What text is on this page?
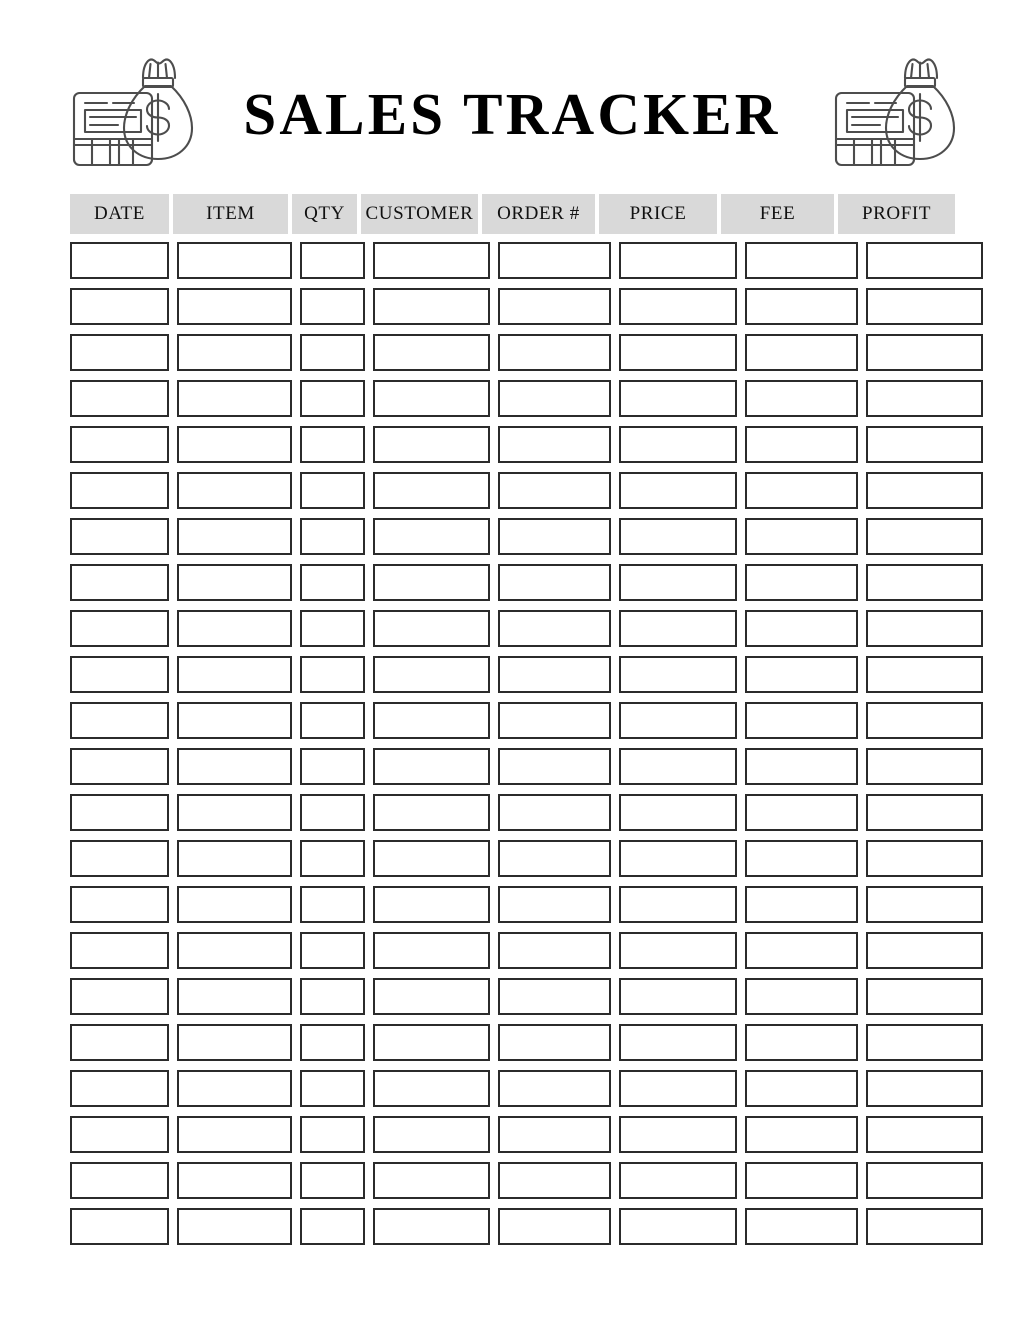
SALES TRACKER
DATE	ITEM	QTY	CUSTOMER	ORDER #	PRICE	FEE	PROFIT
